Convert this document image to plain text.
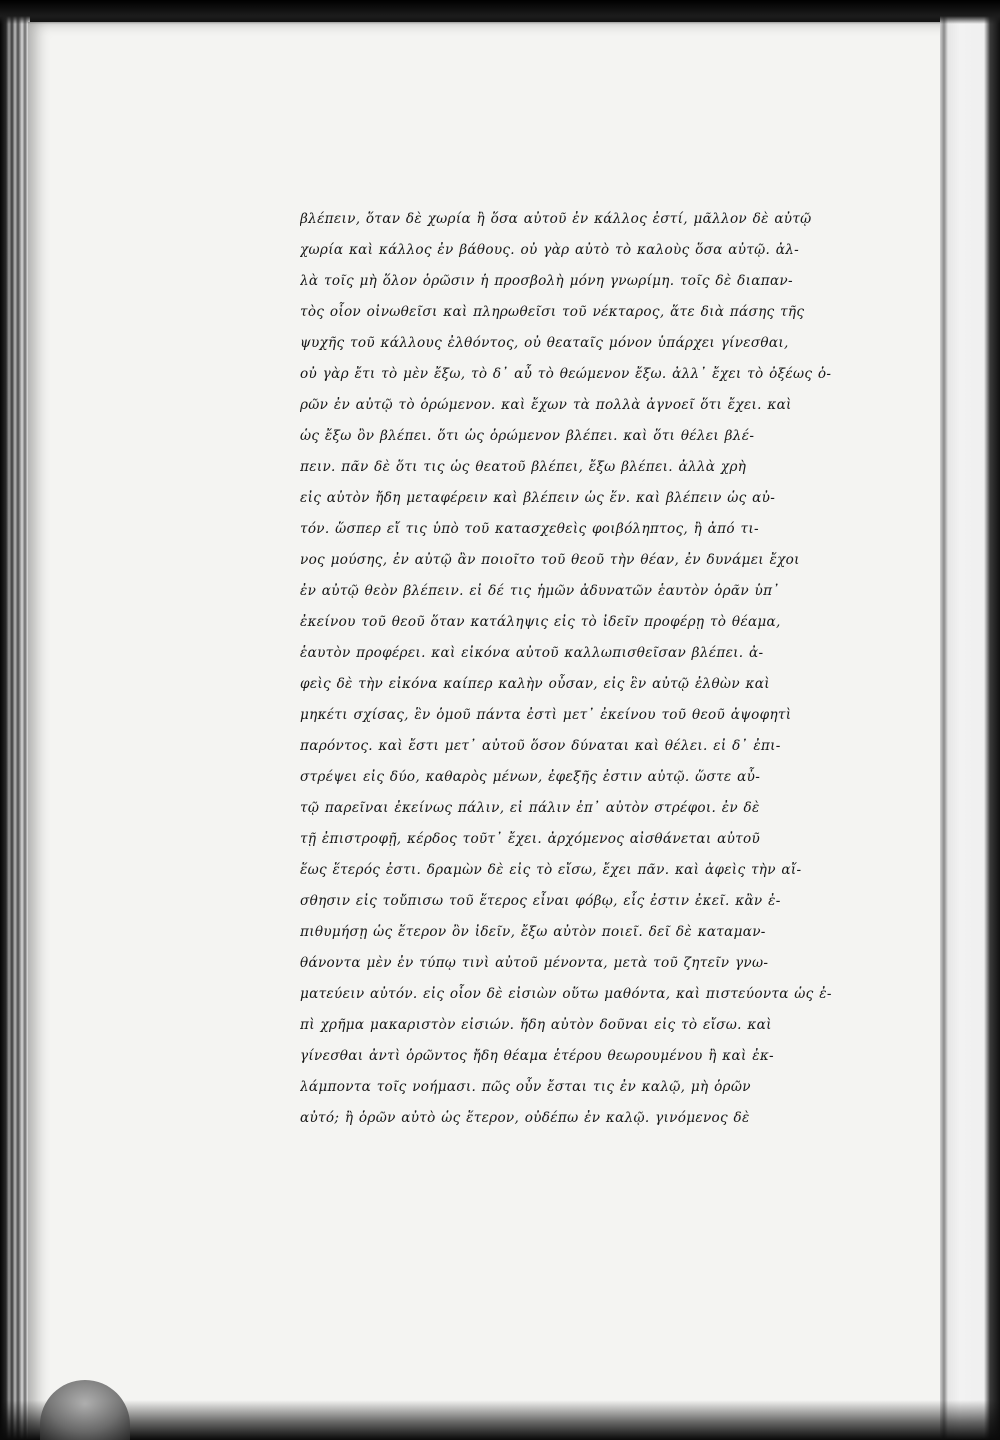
βλέπειν, ὅταν δὲ χωρία ἢ ὅσα αὐτοῦ ἐν κάλλος ἐστί, μᾶλλον δὲ αὐτῷ
χωρία καὶ κάλλος ἐν βάθους. οὐ γὰρ αὐτὸ τὸ καλοὺς ὅσα αὐτῷ. ἀλ-
λὰ τοῖς μὴ ὅλον ὁρῶσιν ἡ προσβολὴ μόνη γνωρίμη. τοῖς δὲ διαπαν-
τὸς οἷον οἰνωθεῖσι καὶ πληρωθεῖσι τοῦ νέκταρος, ἅτε διὰ πάσης τῆς
ψυχῆς τοῦ κάλλους ἐλθόντος, οὐ θεαταῖς μόνον ὑπάρχει γίνεσθαι,
οὐ γὰρ ἔτι τὸ μὲν ἔξω, τὸ δ᾽ αὖ τὸ θεώμενον ἔξω. ἀλλ᾽ ἔχει τὸ ὀξέως ὁ-
ρῶν ἐν αὐτῷ τὸ ὁρώμενον. καὶ ἔχων τὰ πολλὰ ἀγνοεῖ ὅτι ἔχει. καὶ
ὡς ἔξω ὂν βλέπει. ὅτι ὡς ὁρώμενον βλέπει. καὶ ὅτι θέλει βλέ-
πειν. πᾶν δὲ ὅτι τις ὡς θεατοῦ βλέπει, ἔξω βλέπει. ἀλλὰ χρὴ
εἰς αὐτὸν ἤδη μεταφέρειν καὶ βλέπειν ὡς ἕν. καὶ βλέπειν ὡς αὐ-
τόν. ὥσπερ εἴ τις ὑπὸ τοῦ κατασχεθεὶς φοιβόληπτος, ἢ ἀπό τι-
νος μούσης, ἐν αὐτῷ ἂν ποιοῖτο τοῦ θεοῦ τὴν θέαν, ἐν δυνάμει ἔχοι
ἐν αὐτῷ θεὸν βλέπειν. εἰ δέ τις ἡμῶν ἀδυνατῶν ἑαυτὸν ὁρᾶν ὑπ᾽
ἐκείνου τοῦ θεοῦ ὅταν κατάληψις εἰς τὸ ἰδεῖν προφέρῃ τὸ θέαμα,
ἑαυτὸν προφέρει. καὶ εἰκόνα αὐτοῦ καλλωπισθεῖσαν βλέπει. ἀ-
φεὶς δὲ τὴν εἰκόνα καίπερ καλὴν οὖσαν, εἰς ἓν αὐτῷ ἐλθὼν καὶ
μηκέτι σχίσας, ἓν ὁμοῦ πάντα ἐστὶ μετ᾽ ἐκείνου τοῦ θεοῦ ἀψοφητὶ
παρόντος. καὶ ἔστι μετ᾽ αὐτοῦ ὅσον δύναται καὶ θέλει. εἰ δ᾽ ἐπι-
στρέψει εἰς δύο, καθαρὸς μένων, ἐφεξῆς ἐστιν αὐτῷ. ὥστε αὖ-
τῷ παρεῖναι ἐκείνως πάλιν, εἰ πάλιν ἐπ᾽ αὐτὸν στρέφοι. ἐν δὲ
τῇ ἐπιστροφῇ, κέρδος τοῦτ᾽ ἔχει. ἀρχόμενος αἰσθάνεται αὐτοῦ
ἕως ἕτερός ἐστι. δραμὼν δὲ εἰς τὸ εἴσω, ἔχει πᾶν. καὶ ἀφεὶς τὴν αἴ-
σθησιν εἰς τοὔπισω τοῦ ἕτερος εἶναι φόβῳ, εἷς ἐστιν ἐκεῖ. κἂν ἐ-
πιθυμήσῃ ὡς ἕτερον ὂν ἰδεῖν, ἔξω αὐτὸν ποιεῖ. δεῖ δὲ καταμαν-
θάνοντα μὲν ἐν τύπῳ τινὶ αὐτοῦ μένοντα, μετὰ τοῦ ζητεῖν γνω-
ματεύειν αὐτόν. εἰς οἷον δὲ εἰσιὼν οὕτω μαθόντα, καὶ πιστεύοντα ὡς ἐ-
πὶ χρῆμα μακαριστὸν εἰσιών. ἤδη αὐτὸν δοῦναι εἰς τὸ εἴσω. καὶ
γίνεσθαι ἀντὶ ὁρῶντος ἤδη θέαμα ἑτέρου θεωρουμένου ἢ καὶ ἐκ-
λάμποντα τοῖς νοήμασι. πῶς οὖν ἔσται τις ἐν καλῷ, μὴ ὁρῶν
αὐτό; ἢ ὁρῶν αὐτὸ ὡς ἕτερον, οὐδέπω ἐν καλῷ. γινόμενος δὲ
